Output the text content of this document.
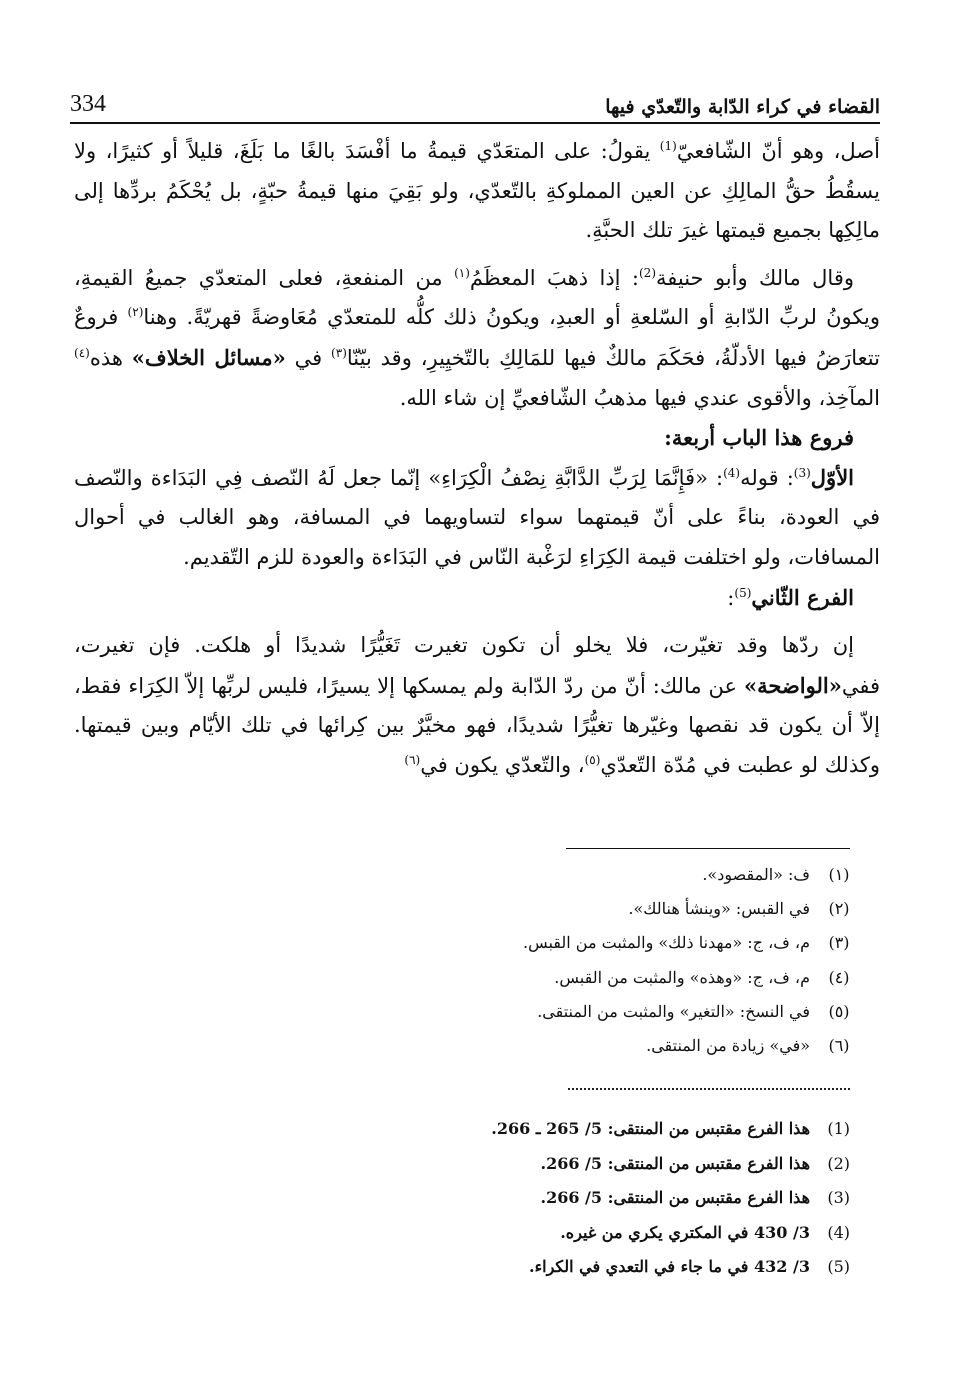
334	القضاء في كراء الدّابة والتّعدّي فيها

أصل، وهو أنّ الشّافعيّ$^{(1)}$ يقولُ: على المتعَدّي قيمةُ ما أفْسَدَ بالغًا ما بَلَغَ، قليلاً أو كثيرًا، ولا يسقُطُ حقُّ المالِكِ عن العين المملوكةِ بالتّعدّي، ولو بَقِيَ منها قيمةُ حبّةٍ، بل يُحْكَمُ بردِّها إلى مالِكِها بجميع قيمتها غيرَ تلك الحبَّةِ.

وقال مالك وأبو حنيفة$^{(2)}$: إذا ذهبَ المعظَمُ$^{(١)}$ من المنفعةِ، فعلى المتعدّي جميعُ القيمةِ، ويكونُ لربِّ الدّابةِ أو السّلعةِ أو العبدِ، ويكونُ ذلك كلُّه للمتعدّي مُعَاوضةً قهريّةً. وهنا$^{(٢)}$ فروعٌ تتعارَضُ فيها الأدلّةُ، فحَكَمَ مالكٌ فيها للمَالِكِ بالتّخيِيرِ، وقد بيّنّا$^{(٣)}$ في «مسائل الخلاف» هذه$^{(٤)}$ المآخِذ، والأقوى عندي فيها مذهبُ الشّافعيِّ إن شاء الله.

فروع هذا الباب أربعة:

الأوّل$^{(3)}$: قوله$^{(4)}$: «فَإِنَّمَا لِرَبِّ الدَّابَّةِ نِصْفُ الْكِرَاءِ» إنّما جعل لَهُ النّصف فِي البَدَاءة والنّصف في العودة، بناءً على أنّ قيمتهما سواء لتساويهما في المسافة، وهو الغالب في أحوال المسافات، ولو اختلفت قيمة الكِرَاءِ لرَغْبة النّاس في البَدَاءة والعودة للزم التّقديم.

الفرع الثّاني$^{(5)}$:

إن ردّها وقد تغيّرت، فلا يخلو أن تكون تغيرت تَغَيُّرًا شديدًا أو هلكت. فإن تغيرت، ففي«الواضحة» عن مالك: أنّ من ردّ الدّابة ولم يمسكها إلا يسيرًا، فليس لربِّها إلاّ الكِرَاء فقط، إلاّ أن يكون قد نقصها وغيّرها تغيُّرًا شديدًا، فهو مخيَّرٌ بين كِرائها في تلك الأيّام وبين قيمتها. وكذلك لو عطبت في مُدّة التّعدّي$^{(٥)}$، والتّعدّي يكون في$^{(٦)}$

(١)
ف: «المقصود».
(٢)
في القبس: «وينشأ هنالك».
(٣)
م، ف، ج: «مهدنا ذلك» والمثبت من القبس.
(٤)
م، ف، ج: «وهذه» والمثبت من القبس.
(٥)
في النسخ: «التغير» والمثبت من المنتقى.
(٦)
«في» زيادة من المنتقى.
(1)
هذا الفرع مقتبس من المنتقى: 5/ 265 ـ 266.
(2)
هذا الفرع مقتبس من المنتقى: 5/ 266.
(3)
هذا الفرع مقتبس من المنتقى: 5/ 266.
(4)
3/ 430 في المكتري يكري من غيره.
(5)
3/ 432 في ما جاء في التعدي في الكراء.
